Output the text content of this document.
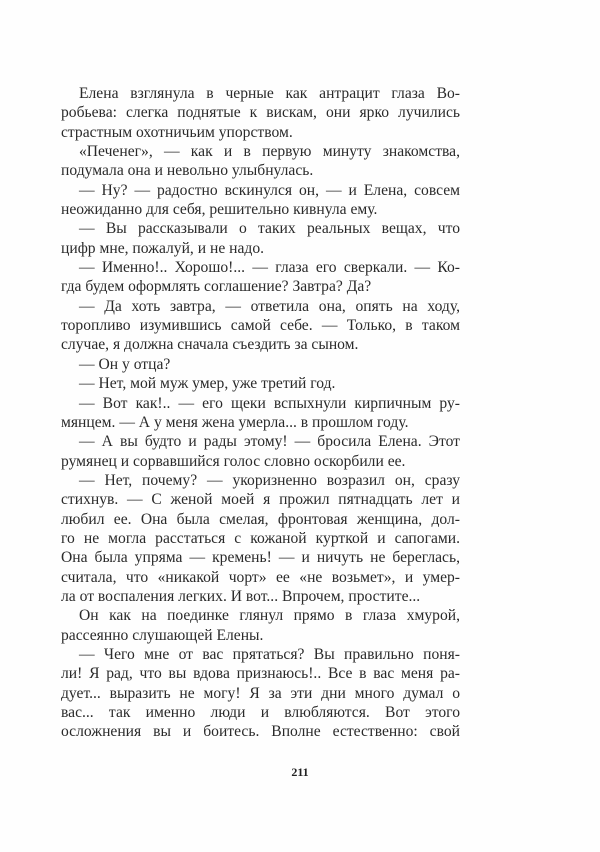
Елена взглянула в черные как антрацит глаза Во-
робьева: слегка поднятые к вискам, они ярко лучились
страстным охотничьим упорством.
«Печенег», — как и в первую минуту знакомства,
подумала она и невольно улыбнулась.
— Ну? — радостно вскинулся он, — и Елена, совсем
неожиданно для себя, решительно кивнула ему.
— Вы рассказывали о таких реальных вещах, что
цифр мне, пожалуй, и не надо.
— Именно!.. Хорошо!... — глаза его сверкали. — Ко-
гда будем оформлять соглашение? Завтра? Да?
— Да хоть завтра, — ответила она, опять на ходу,
торопливо изумившись самой себе. — Только, в таком
случае, я должна сначала съездить за сыном.
— Он у отца?
— Нет, мой муж умер, уже третий год.
— Вот как!.. — его щеки вспыхнули кирпичным ру-
мянцем. — А у меня жена умерла... в прошлом году.
— А вы будто и рады этому! — бросила Елена. Этот
румянец и сорвавшийся голос словно оскорбили ее.
— Нет, почему? — укоризненно возразил он, сразу
стихнув. — С женой моей я прожил пятнадцать лет и
любил ее. Она была смелая, фронтовая женщина, дол-
го не могла расстаться с кожаной курткой и сапогами.
Она была упряма — кремень! — и ничуть не береглась,
считала, что «никакой чорт» ее «не возьмет», и умер-
ла от воспаления легких. И вот... Впрочем, простите...
Он как на поединке глянул прямо в глаза хмурой,
рассеянно слушающей Елены.
— Чего мне от вас прятаться? Вы правильно поня-
ли! Я рад, что вы вдова признаюсь!.. Все в вас меня ра-
дует... выразить не могу! Я за эти дни много думал о
вас... так именно люди и влюбляются. Вот этого
осложнения вы и боитесь. Вполне естественно: свой
211
